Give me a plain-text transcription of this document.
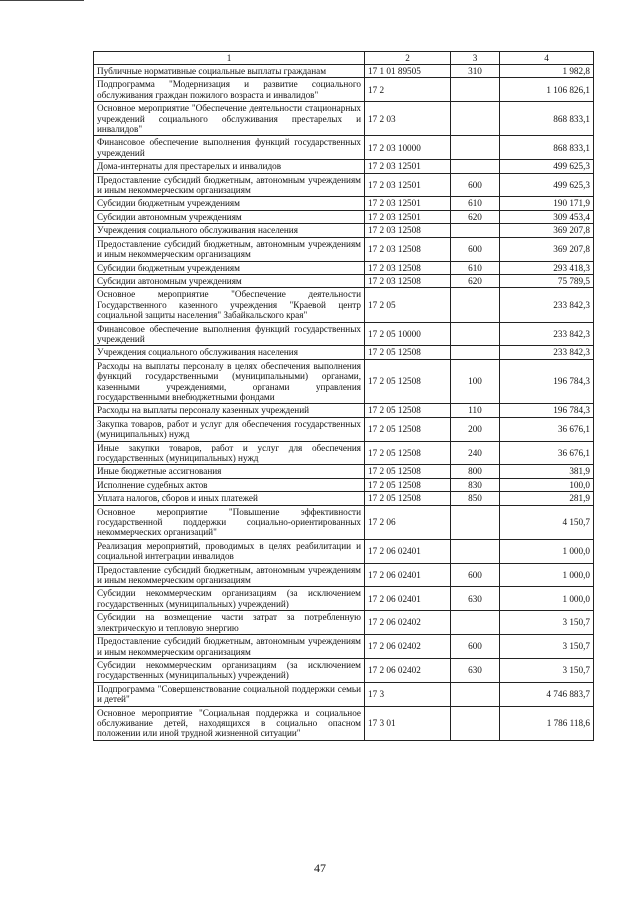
1	2	3	4
Публичные нормативные социальные выплаты гражданам	17 1 01 89505	310	1 982,8
Подпрограмма "Модернизация и развитие социального обслуживания граждан пожилого возраста и инвалидов"	17 2		1 106 826,1
Основное мероприятие "Обеспечение деятельности стационарных учреждений социального обслуживания престарелых и инвалидов"	17 2 03		868 833,1
Финансовое обеспечение выполнения функций государственных учреждений	17 2 03 10000		868 833,1
Дома-интернаты для престарелых и инвалидов	17 2 03 12501		499 625,3
Предоставление субсидий бюджетным, автономным учреждениям и иным некоммерческим организациям	17 2 03 12501	600	499 625,3
Субсидии бюджетным учреждениям	17 2 03 12501	610	190 171,9
Субсидии автономным учреждениям	17 2 03 12501	620	309 453,4
Учреждения социального обслуживания населения	17 2 03 12508		369 207,8
Предоставление субсидий бюджетным, автономным учреждениям и иным некоммерческим организациям	17 2 03 12508	600	369 207,8
Субсидии бюджетным учреждениям	17 2 03 12508	610	293 418,3
Субсидии автономным учреждениям	17 2 03 12508	620	75 789,5
Основное мероприятие "Обеспечение деятельности Государственного казенного учреждения "Краевой центр социальной защиты населения" Забайкальского края"	17 2 05		233 842,3
Финансовое обеспечение выполнения функций государственных учреждений	17 2 05 10000		233 842,3
Учреждения социального обслуживания населения	17 2 05 12508		233 842,3
Расходы на выплаты персоналу в целях обеспечения выполнения функций государственными (муниципальными) органами, казенными учреждениями, органами управления государственными внебюджетными фондами	17 2 05 12508	100	196 784,3
Расходы на выплаты персоналу казенных учреждений	17 2 05 12508	110	196 784,3
Закупка товаров, работ и услуг для обеспечения государственных (муниципальных) нужд	17 2 05 12508	200	36 676,1
Иные закупки товаров, работ и услуг для обеспечения государственных (муниципальных) нужд	17 2 05 12508	240	36 676,1
Иные бюджетные ассигнования	17 2 05 12508	800	381,9
Исполнение судебных актов	17 2 05 12508	830	100,0
Уплата налогов, сборов и иных платежей	17 2 05 12508	850	281,9
Основное мероприятие "Повышение эффективности государственной поддержки социально-ориентированных некоммерческих организаций"	17 2 06		4 150,7
Реализация мероприятий, проводимых в целях реабилитации и социальной интеграции инвалидов	17 2 06 02401		1 000,0
Предоставление субсидий бюджетным, автономным учреждениям и иным некоммерческим организациям	17 2 06 02401	600	1 000,0
Субсидии некоммерческим организациям (за исключением государственных (муниципальных) учреждений)	17 2 06 02401	630	1 000,0
Субсидии на возмещение части затрат за потребленную электрическую и тепловую энергию	17 2 06 02402		3 150,7
Предоставление субсидий бюджетным, автономным учреждениям и иным некоммерческим организациям	17 2 06 02402	600	3 150,7
Субсидии некоммерческим организациям (за исключением государственных (муниципальных) учреждений)	17 2 06 02402	630	3 150,7
Подпрограмма "Совершенствование социальной поддержки семьи и детей"	17 3		4 746 883,7
Основное мероприятие "Социальная поддержка и социальное обслуживание детей, находящихся в социально опасном положении или иной трудной жизненной ситуации"	17 3 01		1 786 118,6
47
